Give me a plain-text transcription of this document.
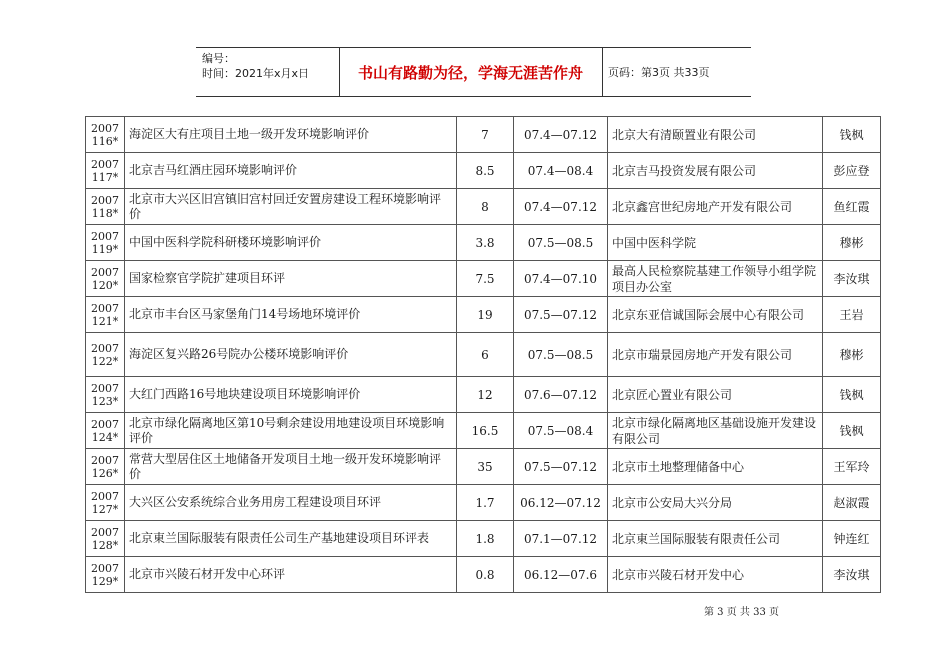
编号：
时间：2021年x月x日	书山有路勤为径，学海无涯苦作舟	页码：第3页 共33页
2007
116*	海淀区大有庄项目土地一级开发环境影响评价	7	07.4—07.12	北京大有清颐置业有限公司	钱枫

2007
117*	北京吉马红酒庄园环境影响评价	8.5	07.4—08.4	北京吉马投资发展有限公司	彭应登

2007
118*	北京市大兴区旧宫镇旧宫村回迁安置房建设工程环境影响评价	8	07.4—07.12	北京鑫宫世纪房地产开发有限公司	鱼红霞

2007
119*	中国中医科学院科研楼环境影响评价	3.8	07.5—08.5	中国中医科学院	穆彬

2007
120*	国家检察官学院扩建项目环评	7.5	07.4—07.10	最高人民检察院基建工作领导小组学院项目办公室	李汝琪

2007
121*	北京市丰台区马家堡角门14号场地环境评价	19	07.5—07.12	北京东亚信诚国际会展中心有限公司	王岩

2007
122*	海淀区复兴路26号院办公楼环境影响评价	6	07.5—08.5	北京市瑞景园房地产开发有限公司	穆彬

2007
123*	大红门西路16号地块建设项目环境影响评价	12	07.6—07.12	北京匠心置业有限公司	钱枫

2007
124*	北京市绿化隔离地区第10号剩余建设用地建设项目环境影响评价	16.5	07.5—08.4	北京市绿化隔离地区基础设施开发建设有限公司	钱枫

2007
126*	常营大型居住区土地储备开发项目土地一级开发环境影响评价	35	07.5—07.12	北京市土地整理储备中心	王军玲

2007
127*	大兴区公安系统综合业务用房工程建设项目环评	1.7	06.12—07.12	北京市公安局大兴分局	赵淑霞

2007
128*	北京東兰国际服装有限责任公司生产基地建设项目环评表	1.8	07.1—07.12	北京東兰国际服装有限责任公司	钟连红

2007
129*	北京市兴陵石材开发中心环评	0.8	06.12—07.6	北京市兴陵石材开发中心	李汝琪
第 3 页 共 33 页
